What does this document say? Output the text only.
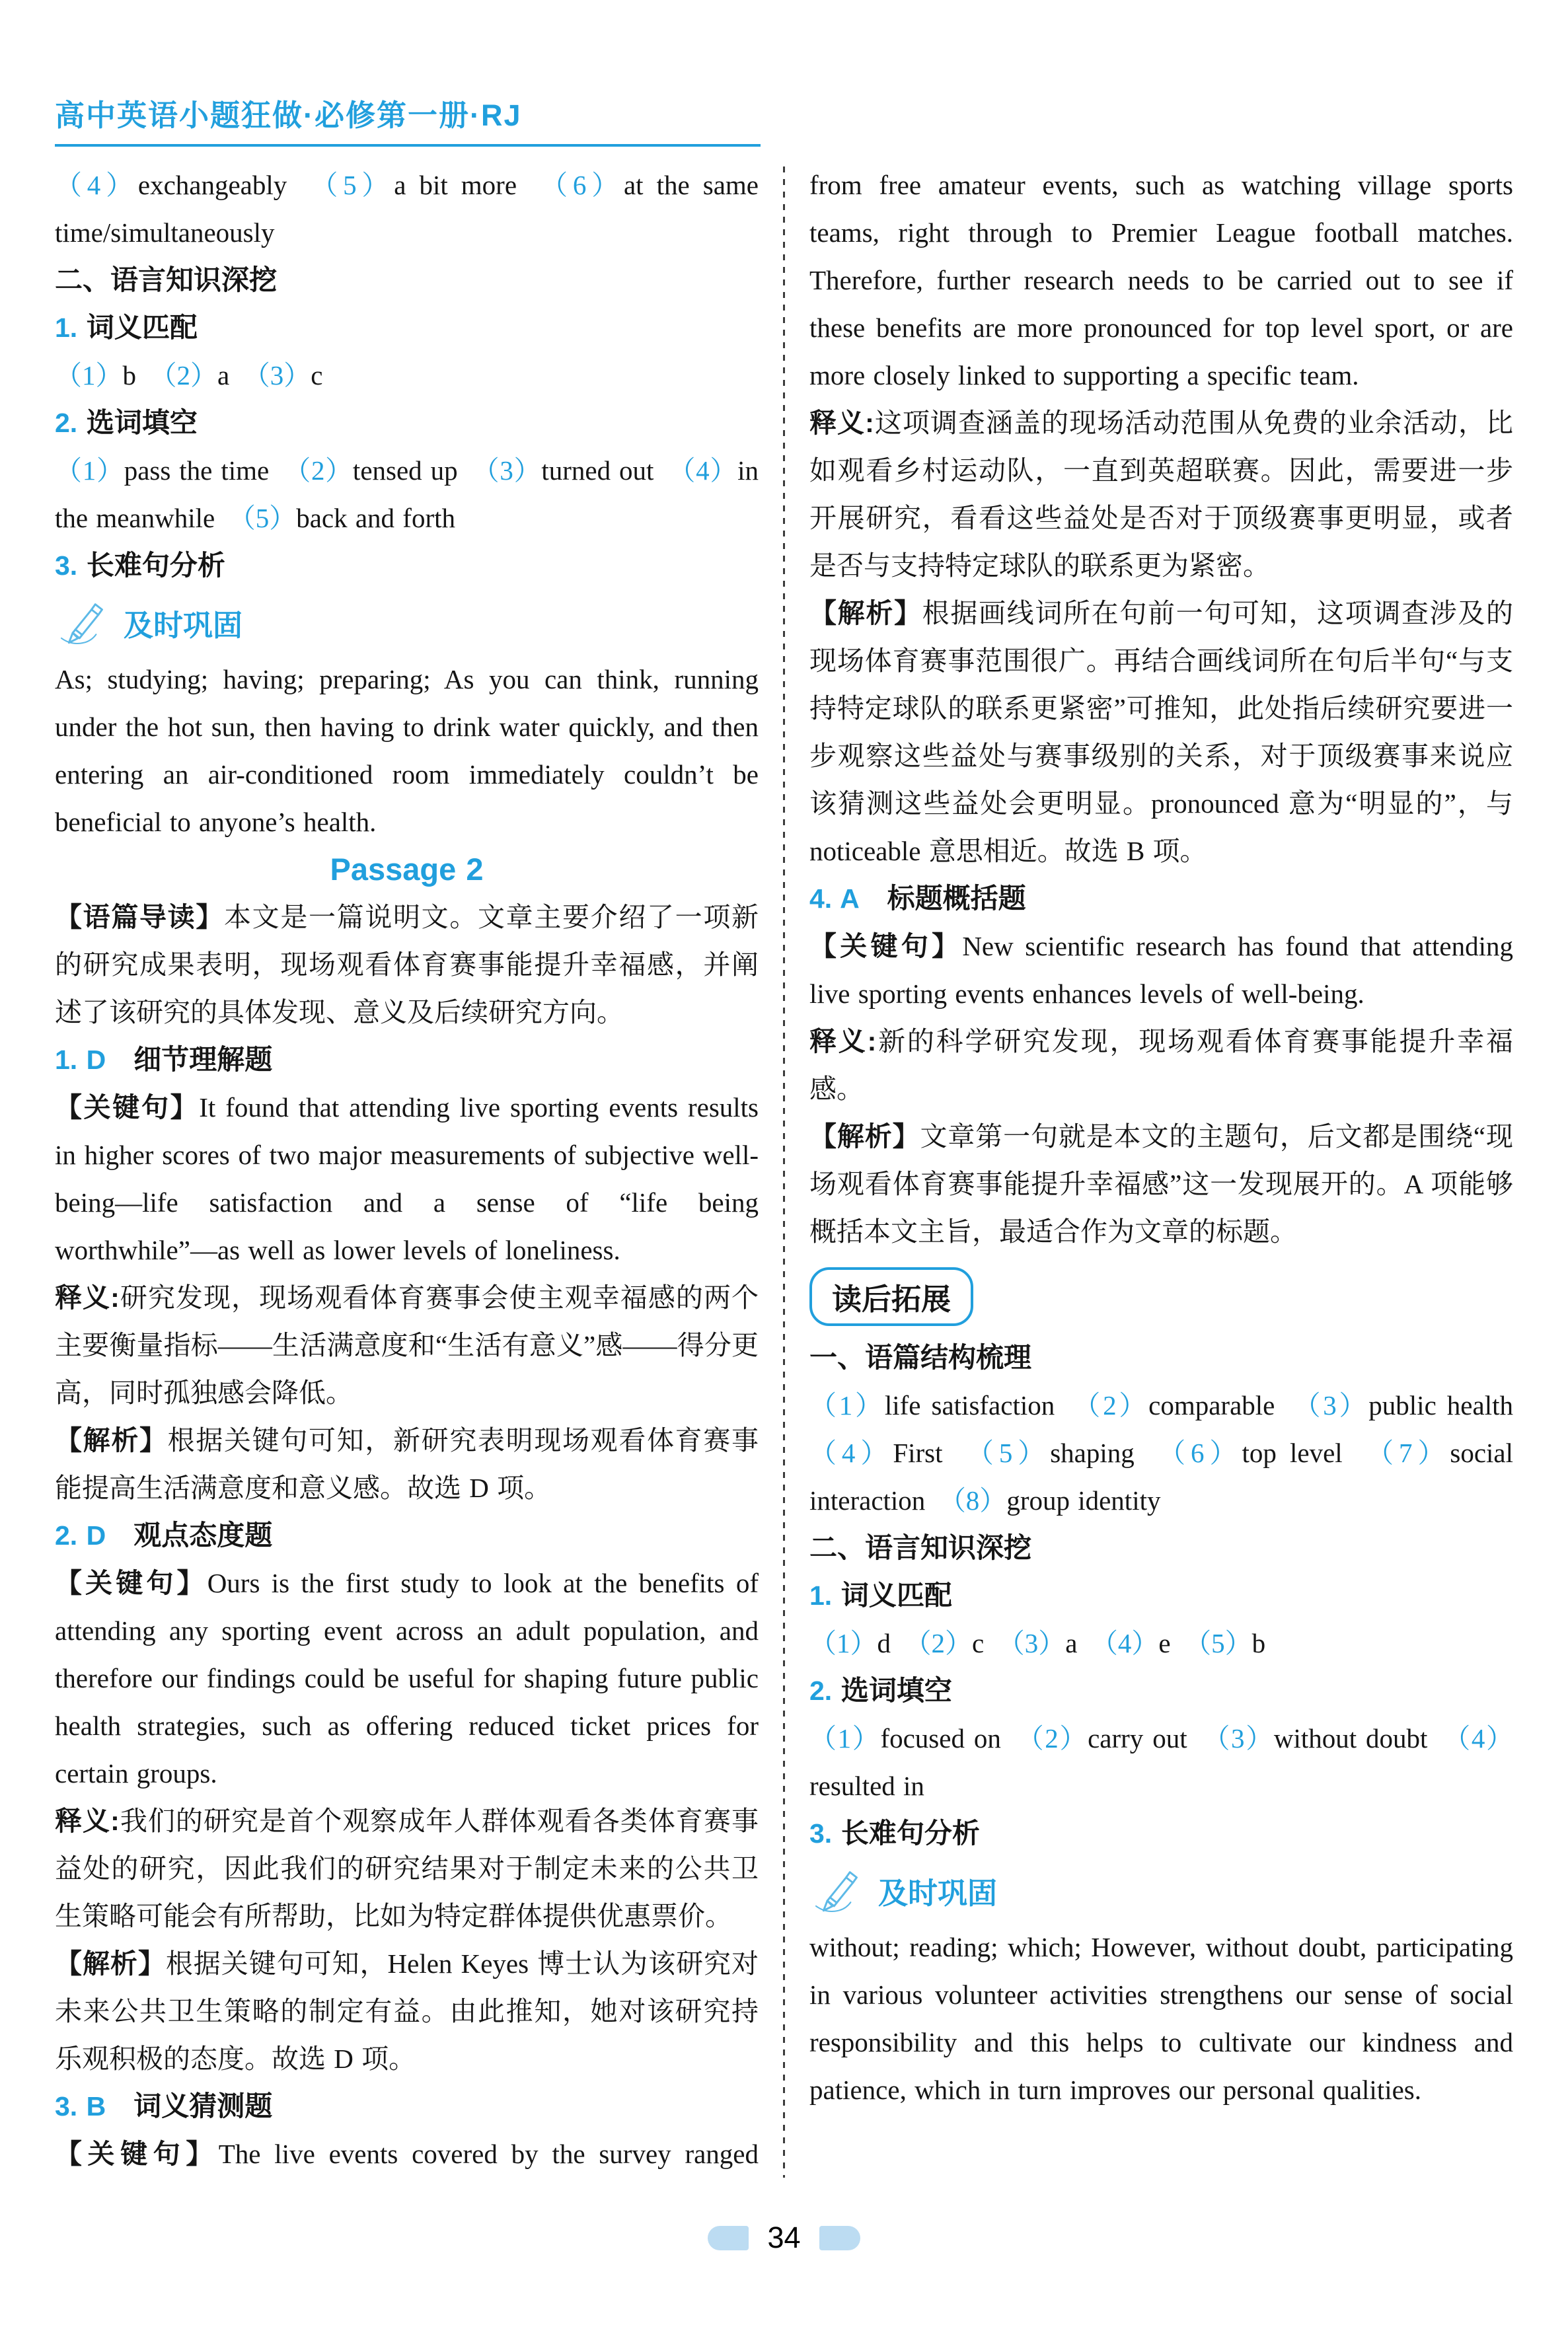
高中英语小题狂做·必修第一册·RJ

（4）exchangeably　（5）a bit more　（6）at the same time/simultaneously

二、语言知识深挖

1. 词义匹配

（1）b　（2）a　（3）c

2. 选词填空

（1）pass the time　（2）tensed up　（3）turned out　（4）in the meanwhile　（5）back and forth

3. 长难句分析

及时巩固

As; studying; having; preparing; As you can think, running under the hot sun, then having to drink water quickly, and then entering an air-conditioned room immediately couldn’t be beneficial to anyone’s health.

Passage 2

【语篇导读】本文是一篇说明文。文章主要介绍了一项新的研究成果表明，现场观看体育赛事能提升幸福感，并阐述了该研究的具体发现、意义及后续研究方向。

1. D　细节理解题

【关键句】It found that attending live sporting events results in higher scores of two major measurements of subjective well-being—life satisfaction and a sense of “life being worthwhile”—as well as lower levels of loneliness.

释义:研究发现，现场观看体育赛事会使主观幸福感的两个主要衡量指标——生活满意度和“生活有意义”感——得分更高，同时孤独感会降低。

【解析】根据关键句可知，新研究表明现场观看体育赛事能提高生活满意度和意义感。故选 D 项。

2. D　观点态度题

【关键句】Ours is the first study to look at the benefits of attending any sporting event across an adult population, and therefore our findings could be useful for shaping future public health strategies, such as offering reduced ticket prices for certain groups.

释义:我们的研究是首个观察成年人群体观看各类体育赛事益处的研究，因此我们的研究结果对于制定未来的公共卫生策略可能会有所帮助，比如为特定群体提供优惠票价。

【解析】根据关键句可知，Helen Keyes 博士认为该研究对未来公共卫生策略的制定有益。由此推知，她对该研究持乐观积极的态度。故选 D 项。

3. B　词义猜测题

【关键句】The live events covered by the survey ranged

from free amateur events, such as watching village sports teams, right through to Premier League football matches. Therefore, further research needs to be carried out to see if these benefits are more pronounced for top level sport, or are more closely linked to supporting a specific team.

释义:这项调查涵盖的现场活动范围从免费的业余活动，比如观看乡村运动队，一直到英超联赛。因此，需要进一步开展研究，看看这些益处是否对于顶级赛事更明显，或者是否与支持特定球队的联系更为紧密。

【解析】根据画线词所在句前一句可知，这项调查涉及的现场体育赛事范围很广。再结合画线词所在句后半句“与支持特定球队的联系更紧密”可推知，此处指后续研究要进一步观察这些益处与赛事级别的关系，对于顶级赛事来说应该猜测这些益处会更明显。pronounced 意为“明显的”，与 noticeable 意思相近。故选 B 项。

4. A　标题概括题

【关键句】New scientific research has found that attending live sporting events enhances levels of well-being.

释义:新的科学研究发现，现场观看体育赛事能提升幸福感。

【解析】文章第一句就是本文的主题句，后文都是围绕“现场观看体育赛事能提升幸福感”这一发现展开的。A 项能够概括本文主旨，最适合作为文章的标题。

读后拓展

一、语篇结构梳理

（1）life satisfaction　（2）comparable　（3）public health　（4）First　（5）shaping　（6）top level　（7）social interaction　（8）group identity

二、语言知识深挖

1. 词义匹配

（1）d　（2）c　（3）a　（4）e　（5）b

2. 选词填空

（1）focused on　（2）carry out　（3）without doubt　（4）resulted in

3. 长难句分析

及时巩固

without; reading; which; However, without doubt, participating in various volunteer activities strengthens our sense of social responsibility and this helps to cultivate our kindness and patience, which in turn improves our personal qualities.

34
